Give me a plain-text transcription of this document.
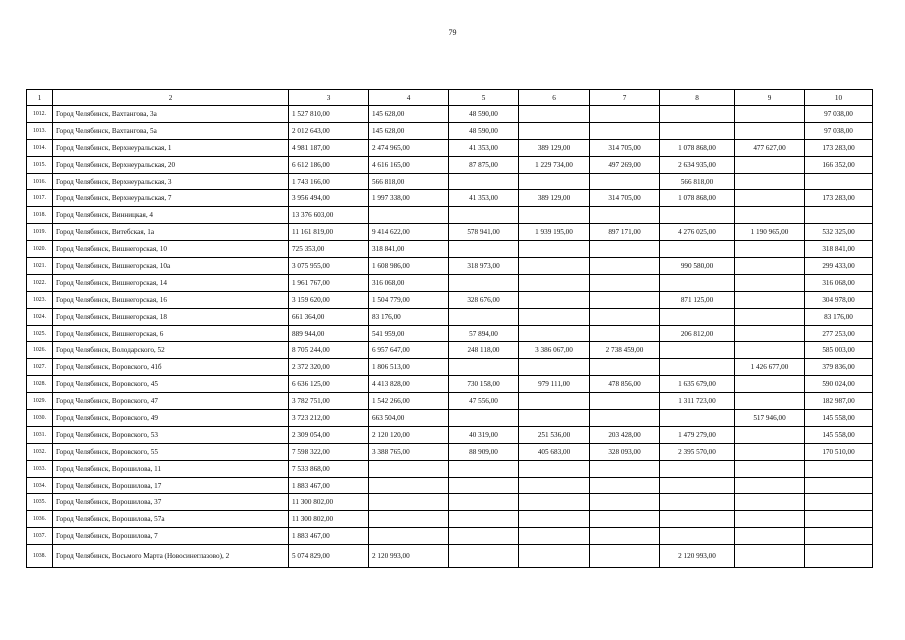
79
1	2	3	4	5	6	7	8	9	10
1012.	Город Челябинск, Вахтангова, 3а	1 527 810,00	145 628,00	48 590,00					97 038,00
1013.	Город Челябинск, Вахтангова, 5а	2 012 643,00	145 628,00	48 590,00					97 038,00
1014.	Город Челябинск, Верхнеуральская, 1	4 981 187,00	2 474 965,00	41 353,00	389 129,00	314 705,00	1 078 868,00	477 627,00	173 283,00
1015.	Город Челябинск, Верхнеуральская, 20	6 612 186,00	4 616 165,00	87 875,00	1 229 734,00	497 269,00	2 634 935,00		166 352,00
1016.	Город Челябинск, Верхнеуральская, 3	1 743 166,00	566 818,00				566 818,00		
1017.	Город Челябинск, Верхнеуральская, 7	3 956 494,00	1 997 338,00	41 353,00	389 129,00	314 705,00	1 078 868,00		173 283,00
1018.	Город Челябинск, Винницкая, 4	13 376 603,00							
1019.	Город Челябинск, Витебская, 1а	11 161 819,00	9 414 622,00	578 941,00	1 939 195,00	897 171,00	4 276 025,00	1 190 965,00	532 325,00
1020.	Город Челябинск, Вишнегорская, 10	725 353,00	318 841,00						318 841,00
1021.	Город Челябинск, Вишнегорская, 10а	3 075 955,00	1 608 986,00	318 973,00			990 580,00		299 433,00
1022.	Город Челябинск, Вишнегорская, 14	1 961 767,00	316 068,00						316 068,00
1023.	Город Челябинск, Вишнегорская, 16	3 159 620,00	1 504 779,00	328 676,00			871 125,00		304 978,00
1024.	Город Челябинск, Вишнегорская, 18	661 364,00	83 176,00						83 176,00
1025.	Город Челябинск, Вишнегорская, 6	889 944,00	541 959,00	57 894,00			206 812,00		277 253,00
1026.	Город Челябинск, Володарского, 52	8 705 244,00	6 957 647,00	248 118,00	3 386 067,00	2 738 459,00			585 003,00
1027.	Город Челябинск, Воровского, 41б	2 372 320,00	1 806 513,00					1 426 677,00	379 836,00
1028.	Город Челябинск, Воровского, 45	6 636 125,00	4 413 828,00	730 158,00	979 111,00	478 856,00	1 635 679,00		590 024,00
1029.	Город Челябинск, Воровского, 47	3 782 751,00	1 542 266,00	47 556,00			1 311 723,00		182 987,00
1030.	Город Челябинск, Воровского, 49	3 723 212,00	663 504,00					517 946,00	145 558,00
1031.	Город Челябинск, Воровского, 53	2 309 054,00	2 120 120,00	40 319,00	251 536,00	203 428,00	1 479 279,00		145 558,00
1032.	Город Челябинск, Воровского, 55	7 598 322,00	3 388 765,00	88 909,00	405 683,00	328 093,00	2 395 570,00		170 510,00
1033.	Город Челябинск, Ворошилова, 11	7 533 868,00							
1034.	Город Челябинск, Ворошилова, 17	1 883 467,00							
1035.	Город Челябинск, Ворошилова, 37	11 300 802,00							
1036.	Город Челябинск, Ворошилова, 57а	11 300 802,00							
1037.	Город Челябинск, Ворошилова, 7	1 883 467,00							
1038.	Город Челябинск, Восьмого Марта (Новосинеглазово), 2	5 074 829,00	2 120 993,00				2 120 993,00		
